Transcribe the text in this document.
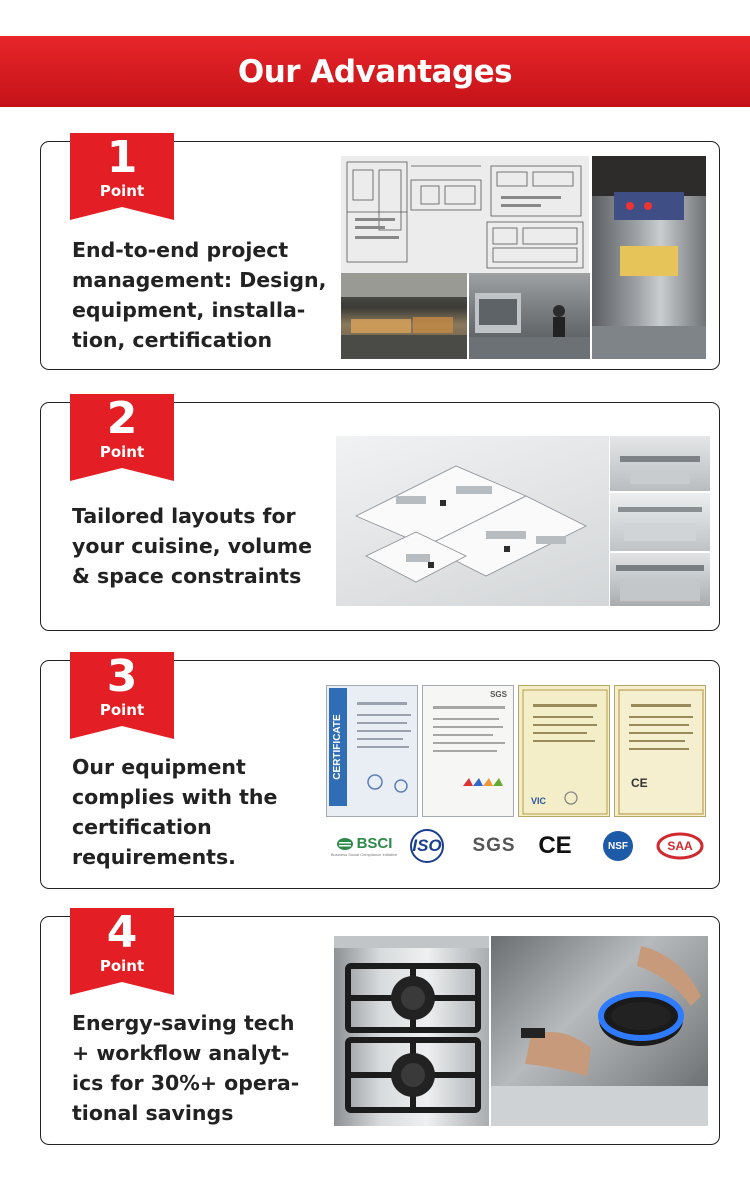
Our Advantages
1
Point

End-to-end project
management: Design,
equipment, installa-
tion, certification

2
Point

Tailored layouts for
your cuisine, volume
& space constraints

3
Point

Our equipment
complies with the
certification
requirements.

CERTIFICATE
SGS
VIC
CE
BSCI
Business Social Compliance Initiative ISO SGS CE	NSF	SAA
4
Point

Energy-saving tech
+ workflow analyt-
ics for 30%+ opera-
tional savings
